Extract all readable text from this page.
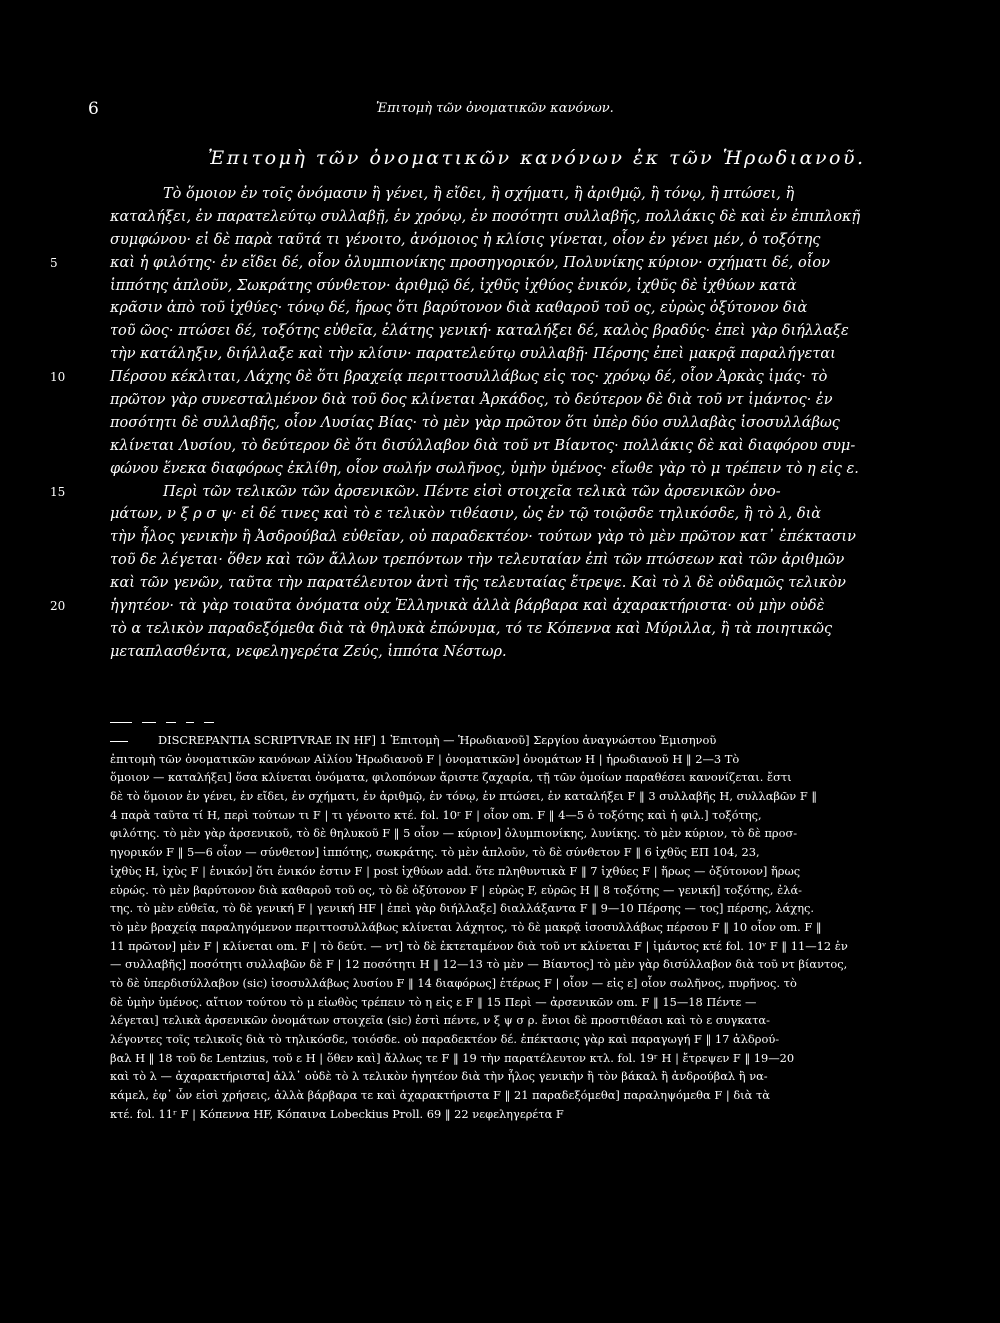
6	Ἐπιτομὴ τῶν ὀνοματικῶν κανόνων.
Ἐπιτομὴ τῶν ὀνοματικῶν κανόνων ἐκ τῶν Ἡρωδιανοῦ.
Τὸ ὅμοιον ἐν τοῖς ὀνόμασιν ἢ γένει, ἢ εἴδει, ἢ σχήματι, ἢ ἀριθμῷ, ἢ τόνῳ, ἢ πτώσει, ἢ
καταλήξει, ἐν παρατελεύτῳ συλλαβῇ, ἐν χρόνῳ, ἐν ποσότητι συλλαβῆς, πολλάκις δὲ καὶ ἐν ἐπιπλοκῇ
συμφώνου· εἰ δὲ παρὰ ταῦτά τι γένοιτο, ἀνόμοιος ἡ κλίσις γίνεται, οἷον ἐν γένει μέν, ὁ τοξότης
5	καὶ ἡ φιλότης· ἐν εἴδει δέ, οἷον ὀλυμπιονίκης προσηγορικόν, Πολυνίκης κύριον· σχήματι δέ, οἷον
ἱππότης ἁπλοῦν, Σωκράτης σύνθετον· ἀριθμῷ δέ, ἰχθῦς ἰχθύος ἑνικόν, ἰχθῦς δὲ ἰχθύων κατὰ
κρᾶσιν ἀπὸ τοῦ ἰχθύες· τόνῳ δέ, ἥρως ὅτι βαρύτονον διὰ καθαροῦ τοῦ ος, εὐρὼς ὀξύτονον διὰ
τοῦ ῶος· πτώσει δέ, τοξότης εὐθεῖα, ἐλάτης γενική· καταλήξει δέ, καλὸς βραδύς· ἐπεὶ γὰρ διήλλαξε
τὴν κατάληξιν, διήλλαξε καὶ τὴν κλίσιν· παρατελεύτῳ συλλαβῇ· Πέρσης ἐπεὶ μακρᾷ παραλήγεται
10	Πέρσου κέκλιται, Λάχης δὲ ὅτι βραχείᾳ περιττοσυλλάβως εἰς τος· χρόνῳ δέ, οἷον Ἀρκὰς ἱμάς· τὸ
πρῶτον γὰρ συνεσταλμένον διὰ τοῦ δος κλίνεται Ἀρκάδος, τὸ δεύτερον δὲ διὰ τοῦ ντ ἱμάντος· ἐν
ποσότητι δὲ συλλαβῆς, οἷον Λυσίας Βίας· τὸ μὲν γὰρ πρῶτον ὅτι ὑπὲρ δύο συλλαβὰς ἰσοσυλλάβως
κλίνεται Λυσίου, τὸ δεύτερον δὲ ὅτι δισύλλαβον διὰ τοῦ ντ Βίαντος· πολλάκις δὲ καὶ διαφόρου συμ-
φώνου ἕνεκα διαφόρως ἐκλίθη, οἷον σωλήν σωλῆνος, ὑμὴν ὑμένος· εἴωθε γὰρ τὸ μ τρέπειν τὸ η εἰς ε.
15	Περὶ τῶν τελικῶν τῶν ἀρσενικῶν. Πέντε εἰσὶ στοιχεῖα τελικὰ τῶν ἀρσενικῶν ὀνο-
μάτων, ν ξ ρ σ ψ· εἰ δέ τινες καὶ τὸ ε τελικὸν τιθέασιν, ὡς ἐν τῷ τοιῷσδε τηλικόσδε, ἢ τὸ λ, διὰ
τὴν ἧλος γενικὴν ἢ Ἀσδρούβαλ εὐθεῖαν, οὐ παραδεκτέον· τούτων γὰρ τὸ μὲν πρῶτον κατ᾽ ἐπέκτασιν
τοῦ δε λέγεται· ὅθεν καὶ τῶν ἄλλων τρεπόντων τὴν τελευταίαν ἐπὶ τῶν πτώσεων καὶ τῶν ἀριθμῶν
καὶ τῶν γενῶν, ταῦτα τὴν παρατέλευτον ἀντὶ τῆς τελευταίας ἔτρεψε. Καὶ τὸ λ δὲ οὐδαμῶς τελικὸν
20	ἡγητέον· τὰ γὰρ τοιαῦτα ὀνόματα οὐχ Ἑλληνικὰ ἀλλὰ βάρβαρα καὶ ἀχαρακτήριστα· οὐ μὴν οὐδὲ
τὸ α τελικὸν παραδεξόμεθα διὰ τὰ θηλυκὰ ἐπώνυμα, τό τε Κόπεννα καὶ Μύριλλα, ἢ τὰ ποιητικῶς
μεταπλασθέντα, νεφεληγερέτα Ζεύς, ἱππότα Νέστωρ.
DISCREPANTIA SCRIPTVRAE IN HF] 1 Ἐπιτομὴ — Ἡρωδιανοῦ] Σεργίου ἀναγνώστου Ἐμισηνοῦ
ἐπιτομὴ τῶν ὀνοματικῶν κανόνων Αἰλίου Ἡρωδιανοῦ F | ὀνοματικῶν] ὀνομάτων H | ἡρωδιανοῦ H ‖ 2—3 Τὸ
ὅμοιον — καταλήξει] ὅσα κλίνεται ὀνόματα, φιλοπόνων ἄριστε ζαχαρία, τῇ τῶν ὁμοίων παραθέσει κανονίζεται. ἔστι
δὲ τὸ ὅμοιον ἐν γένει, ἐν εἴδει, ἐν σχήματι, ἐν ἀριθμῷ, ἐν τόνῳ, ἐν πτώσει, ἐν καταλήξει F ‖ 3 συλλαβῆς H, συλλαβῶν F ‖
4 παρὰ ταῦτα τί H, περὶ τούτων τι F | τι γένοιτο κτέ. fol. 10ʳ F | οἷον om. F ‖ 4—5 ὁ τοξότης καὶ ἡ φιλ.] τοξότης,
φιλότης. τὸ μὲν γὰρ ἀρσενικοῦ, τὸ δὲ θηλυκοῦ F ‖ 5 οἷον — κύριον] ὀλυμπιονίκης, λυνίκης. τὸ μὲν κύριον, τὸ δὲ προσ-
ηγορικόν F ‖ 5—6 οἷον — σύνθετον] ἱππότης, σωκράτης. τὸ μὲν ἁπλοῦν, τὸ δὲ σύνθετον F ‖ 6 ἰχθῦς EΠ 104, 23,
ἰχθὺς H, ἰχὺς F | ἑνικόν] ὅτι ἑνικόν ἐστιν F | post ἰχθύων add. ὅτε πληθυντικὰ F ‖ 7 ἰχθύες F | ἥρως — ὀξύτονον] ἥρως
εὐρώς. τὸ μὲν βαρύτονον διὰ καθαροῦ τοῦ ος, τὸ δὲ ὀξύτονον F | εὐρὼς F, εὐρῶς H ‖ 8 τοξότης — γενική] τοξότης, ἐλά-
της. τὸ μὲν εὐθεῖα, τὸ δὲ γενική F | γενική HF | ἐπεὶ γὰρ διήλλαξε] διαλλάξαντα F ‖ 9—10 Πέρσης — τος] πέρσης, λάχης.
τὸ μὲν βραχείᾳ παραληγόμενον περιττοσυλλάβως κλίνεται λάχητος, τὸ δὲ μακρᾷ ἰσοσυλλάβως πέρσου F ‖ 10 οἷον om. F ‖
11 πρῶτον] μὲν F | κλίνεται om. F | τὸ δεύτ. — ντ] τὸ δὲ ἐκτεταμένον διὰ τοῦ ντ κλίνεται F | ἱμάντος κτέ fol. 10ᵛ F ‖ 11—12 ἐν
— συλλαβῆς] ποσότητι συλλαβῶν δὲ F | 12 ποσότητι H ‖ 12—13 τὸ μὲν — Βίαντος] τὸ μὲν γὰρ δισύλλαβον διὰ τοῦ ντ βίαντος,
τὸ δὲ ὑπερδισύλλαβον (sic) ἰσοσυλλάβως λυσίου F ‖ 14 διαφόρως] ἑτέρως F | οἷον — εἰς ε] οἷον σωλῆνος, πυρῆνος. τὸ
δὲ ὑμὴν ὑμένος. αἴτιον τούτου τὸ μ εἰωθὸς τρέπειν τὸ η εἰς ε F ‖ 15 Περὶ — ἀρσενικῶν om. F ‖ 15—18 Πέντε —
λέγεται] τελικὰ ἀρσενικῶν ὀνομάτων στοιχεῖα (sic) ἐστὶ πέντε, ν ξ ψ σ ρ. ἔνιοι δὲ προστιθέασι καὶ τὸ ε συγκατα-
λέγοντες τοῖς τελικοῖς διὰ τὸ τηλικόσδε, τοιόσδε. οὐ παραδεκτέον δέ. ἐπέκτασις γὰρ καὶ παραγωγή F ‖ 17 ἀλδρού-
βαλ H ‖ 18 τοῦ δε Lentzius, τοῦ ε H | ὅθεν καὶ] ἄλλως τε F ‖ 19 τὴν παρατέλευτον κτλ. fol. 19ʳ H | ἔτρεψεν F ‖ 19—20
καὶ τὸ λ — ἀχαρακτήριστα] ἀλλ᾽ οὐδὲ τὸ λ τελικὸν ἡγητέον διὰ τὴν ἧλος γενικὴν ἢ τὸν βάκαλ ἢ ἀνδρούβαλ ἢ να-
κάμελ, ἐφ᾽ ὧν εἰσὶ χρήσεις, ἀλλὰ βάρβαρα τε καὶ ἀχαρακτήριστα F ‖ 21 παραδεξόμεθα] παραληψόμεθα F | διὰ τὰ
κτέ. fol. 11ʳ F | Κόπεννα HF, Κόπαινα Lobeckius Proll. 69 ‖ 22 νεφεληγερέτα F
